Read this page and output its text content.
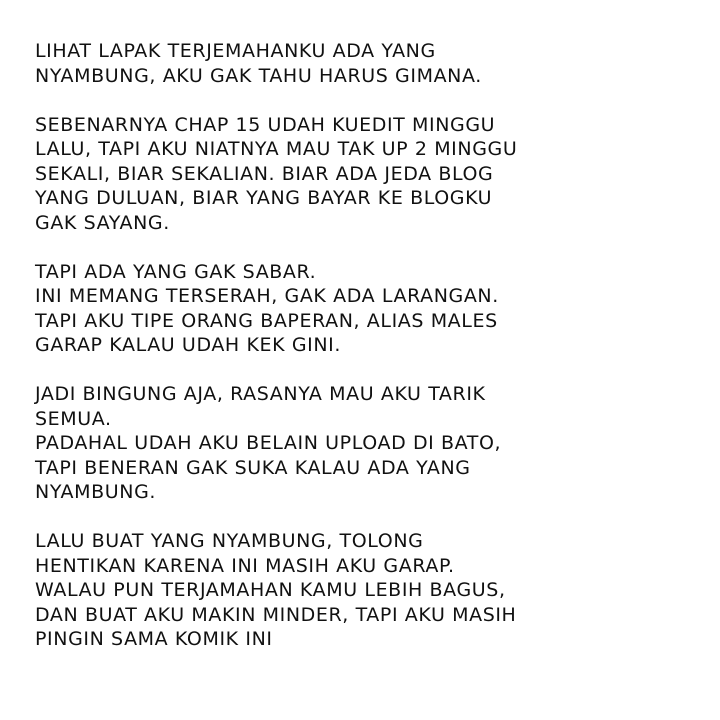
LIHAT LAPAK TERJEMAHANKU ADA YANG
NYAMBUNG, AKU GAK TAHU HARUS GIMANA.

SEBENARNYA CHAP 15 UDAH KUEDIT MINGGU
LALU, TAPI AKU NIATNYA MAU TAK UP 2 MINGGU
SEKALI, BIAR SEKALIAN. BIAR ADA JEDA BLOG
YANG DULUAN, BIAR YANG BAYAR KE BLOGKU
GAK SAYANG.

TAPI ADA YANG GAK SABAR.
INI MEMANG TERSERAH, GAK ADA LARANGAN.
TAPI AKU TIPE ORANG BAPERAN, ALIAS MALES
GARAP KALAU UDAH KEK GINI.

JADI BINGUNG AJA, RASANYA MAU AKU TARIK
SEMUA.
PADAHAL UDAH AKU BELAIN UPLOAD DI BATO,
TAPI BENERAN GAK SUKA KALAU ADA YANG
NYAMBUNG.

LALU BUAT YANG NYAMBUNG, TOLONG
HENTIKAN KARENA INI MASIH AKU GARAP.
WALAU PUN TERJAMAHAN KAMU LEBIH BAGUS,
DAN BUAT AKU MAKIN MINDER, TAPI AKU MASIH
PINGIN SAMA KOMIK INI
